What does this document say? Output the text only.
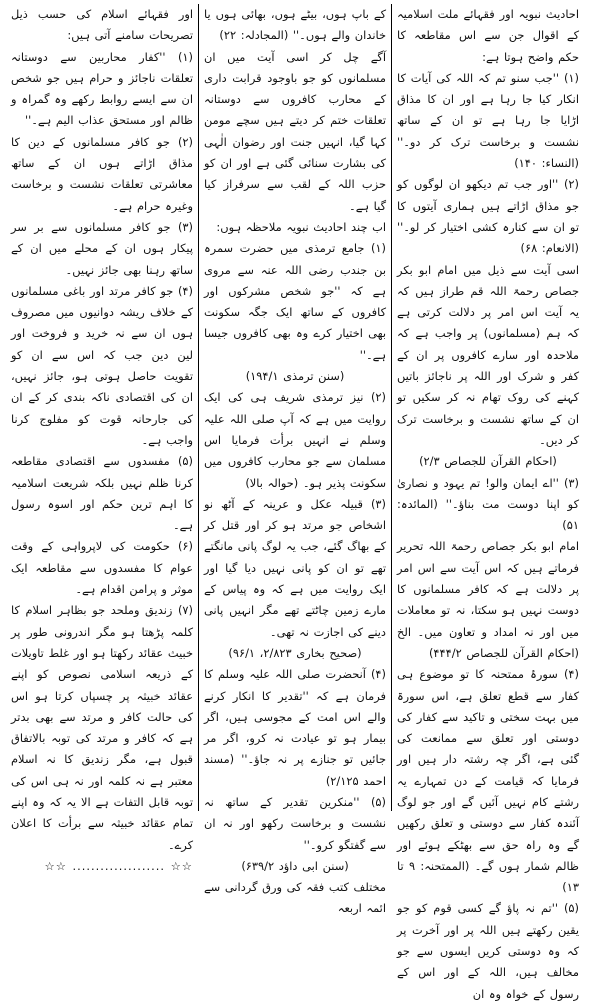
احادیث نبویہ اور فقہائے ملت اسلامیہ کے اقوال جن سے اس مقاطعہ کا حکم واضح ہوتا ہے:

(۱) ''جب سنو تم کہ اللہ کی آیات کا انکار کیا جا رہا ہے اور ان کا مذاق اڑایا جا رہا ہے تو ان کے ساتھ نشست و برخاست ترک کر دو۔'' (النساء: ۱۴۰)

(۲) ''اور جب تم دیکھو ان لوگوں کو جو مذاق اڑاتے ہیں ہماری آیتوں کا تو ان سے کنارہ کشی اختیار کر لو۔'' (الانعام: ۶۸)

اسی آیت سے ذیل میں امام ابو بکر جصاص رحمۃ اللہ قم طراز ہیں کہ یہ آیت اس امر پر دلالت کرتی ہے کہ ہم (مسلمانوں) پر واجب ہے کہ ملاحدہ اور سارے کافروں پر ان کے کفر و شرک اور اللہ پر ناجائز باتیں کہنے کی روک تھام نہ کر سکیں تو ان کے ساتھ نشست و برخاست ترک کر دیں۔

(احکام القرآن للجصاص ۲/۳)

(۳) ''اے ایمان والو! تم یہود و نصاریٰ کو اپنا دوست مت بناؤ۔'' (المائدہ: ۵۱)

امام ابو بکر جصاص رحمۃ اللہ تحریر فرماتے ہیں کہ اس آیت سے اس امر پر دلالت ہے کہ کافر مسلمانوں کا دوست نہیں ہو سکتا، نہ تو معاملات میں اور نہ امداد و تعاون میں۔ الخ (احکام القرآن للجصاص ۴۴۴/۲)

(۴) سورۂ ممتحنہ کا تو موضوع ہی کفار سے قطع تعلق ہے، اس سورۃ میں بہت سختی و تاکید سے کفار کی دوستی اور تعلق سے ممانعت کی گئی ہے، اگر چہ رشتہ دار ہیں اور فرمایا کہ قیامت کے دن تمہارے یہ رشتے کام نہیں آئیں گے اور جو لوگ آئندہ کفار سے دوستی و تعلق رکھیں گے وہ راہ حق سے بھٹکے ہوئے اور ظالم شمار ہوں گے۔ (الممتحنہ: ۹ تا ۱۳)

(۵) ''تم نہ پاؤ گے کسی قوم کو جو یقین رکھتے ہیں اللہ پر اور آخرت پر کہ وہ دوستی کریں ایسوں سے جو مخالف ہیں، اللہ کے اور اس کے رسول کے خواہ وہ ان

کے باپ ہوں، بیٹے ہوں، بھائی ہوں یا خاندان والے ہوں۔'' (المجادلہ: ۲۲)

آگے چل کر اسی آیت میں ان مسلمانوں کو جو باوجود قرابت داری کے محارب کافروں سے دوستانہ تعلقات ختم کر دیتے ہیں سچے مومن کہا گیا، انہیں جنت اور رضوان الٰہی کی بشارت سنائی گئی ہے اور ان کو حزب اللہ کے لقب سے سرفراز کیا گیا ہے۔

اب چند احادیث نبویہ ملاحظہ ہوں:

(۱) جامع ترمذی میں حضرت سمرہ بن جندب رضی اللہ عنہ سے مروی ہے کہ ''جو شخص مشرکوں اور کافروں کے ساتھ ایک جگہ سکونت بھی اختیار کرے وہ بھی کافروں جیسا ہے۔''

(سنن ترمذی ۱۹۴/۱)

(۲) نیز ترمذی شریف ہی کی ایک روایت میں ہے کہ آپ صلی اللہ علیہ وسلم نے انہیں برأت فرمایا اس مسلمان سے جو محارب کافروں میں سکونت پذیر ہو۔ (حوالہ بالا)

(۳) قبیلہ عکل و عرینہ کے آٹھ نو اشخاص جو مرتد ہو کر اور قتل کر کے بھاگ گئے، جب یہ لوگ پانی مانگتے تھے تو ان کو پانی نہیں دیا گیا اور ایک روایت میں ہے کہ وہ پیاس کے مارے زمین چاٹتے تھے مگر انہیں پانی دینے کی اجازت نہ تھی۔

(صحیح بخاری ۲/۸۲۳، ۹۶/۱)

(۴) آنحضرت صلی اللہ علیہ وسلم کا فرمان ہے کہ ''تقدیر کا انکار کرنے والے اس امت کے مجوسی ہیں، اگر بیمار ہو تو عیادت نہ کرو، اگر مر جائیں تو جنازے پر نہ جاؤ۔'' (مسند احمد ۲/۱۲۵)

(۵) ''منکرین تقدیر کے ساتھ نہ نشست و برخاست رکھو اور نہ ان سے گفتگو کرو۔''

(سنن ابی داؤد ۶۳۹/۲)

مختلف کتب فقہ کی ورق گردانی سے ائمہ اربعہ

اور فقہائے اسلام کی حسب ذیل تصریحات سامنے آتی ہیں:

(۱) ''کفار محاربین سے دوستانہ تعلقات ناجائز و حرام ہیں جو شخص ان سے ایسے روابط رکھے وہ گمراہ و ظالم اور مستحق عذاب الیم ہے۔''

(۲) جو کافر مسلمانوں کے دین کا مذاق اڑاتے ہوں ان کے ساتھ معاشرتی تعلقات نشست و برخاست وغیرہ حرام ہے۔

(۳) جو کافر مسلمانوں سے بر سر پیکار ہوں ان کے محلے میں ان کے ساتھ رہنا بھی جائز نہیں۔

(۴) جو کافر مرتد اور باغی مسلمانوں کے خلاف ریشہ دوانیوں میں مصروف ہوں ان سے نہ خرید و فروخت اور لین دین جب کہ اس سے ان کو تقویت حاصل ہوتی ہو، جائز نہیں، ان کی اقتصادی ناکہ بندی کر کے ان کی جارحانہ قوت کو مفلوج کرنا واجب ہے۔

(۵) مفسدوں سے اقتصادی مقاطعہ کرنا ظلم نہیں بلکہ شریعت اسلامیہ کا اہم ترین حکم اور اسوہ رسول ہے۔

(۶) حکومت کی لاپرواہی کے وقت عوام کا مفسدوں سے مقاطعہ ایک موثر و پرامن اقدام ہے۔

(۷) زندیق وملحد جو بظاہر اسلام کا کلمہ پڑھتا ہو مگر اندرونی طور پر خبیث عقائد رکھتا ہو اور غلط تاویلات کے ذریعہ اسلامی نصوص کو اپنے عقائد خبیثہ پر چسپاں کرتا ہو اس کی حالت کافر و مرتد سے بھی بدتر ہے کہ کافر و مرتد کی توبہ بالاتفاق قبول ہے، مگر زندیق کا نہ اسلام معتبر ہے نہ کلمہ اور نہ ہی اس کی توبہ قابل التفات ہے الا یہ کہ وہ اپنے تمام عقائد خبیثہ سے برأت کا اعلان کرے۔

☆☆ .................... ☆☆
